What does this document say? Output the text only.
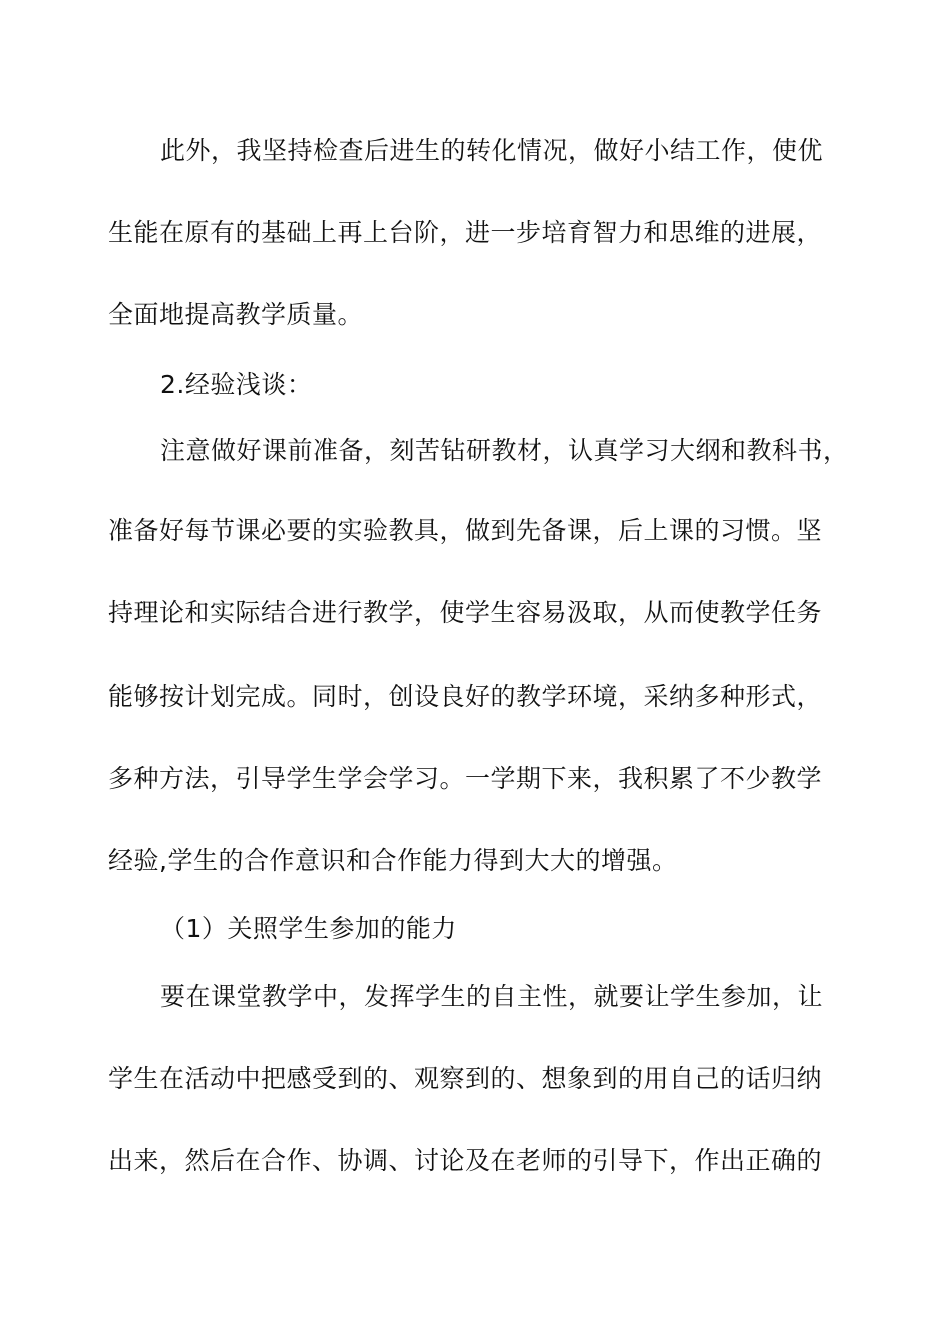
此外，我坚持检查后进生的转化情况，做好小结工作，使优
生能在原有的基础上再上台阶，进一步培育智力和思维的进展，
全面地提高教学质量。
2.经验浅谈：
注意做好课前准备，刻苦钻研教材，认真学习大纲和教科书，
准备好每节课必要的实验教具，做到先备课，后上课的习惯。坚
持理论和实际结合进行教学，使学生容易汲取，从而使教学任务
能够按计划完成。同时，创设良好的教学环境，采纳多种形式，
多种方法，引导学生学会学习。一学期下来，我积累了不少教学
经验,学生的合作意识和合作能力得到大大的增强。
（1）关照学生参加的能力
要在课堂教学中，发挥学生的自主性，就要让学生参加，让
学生在活动中把感受到的、观察到的、想象到的用自己的话归纳
出来，然后在合作、协调、讨论及在老师的引导下，作出正确的
